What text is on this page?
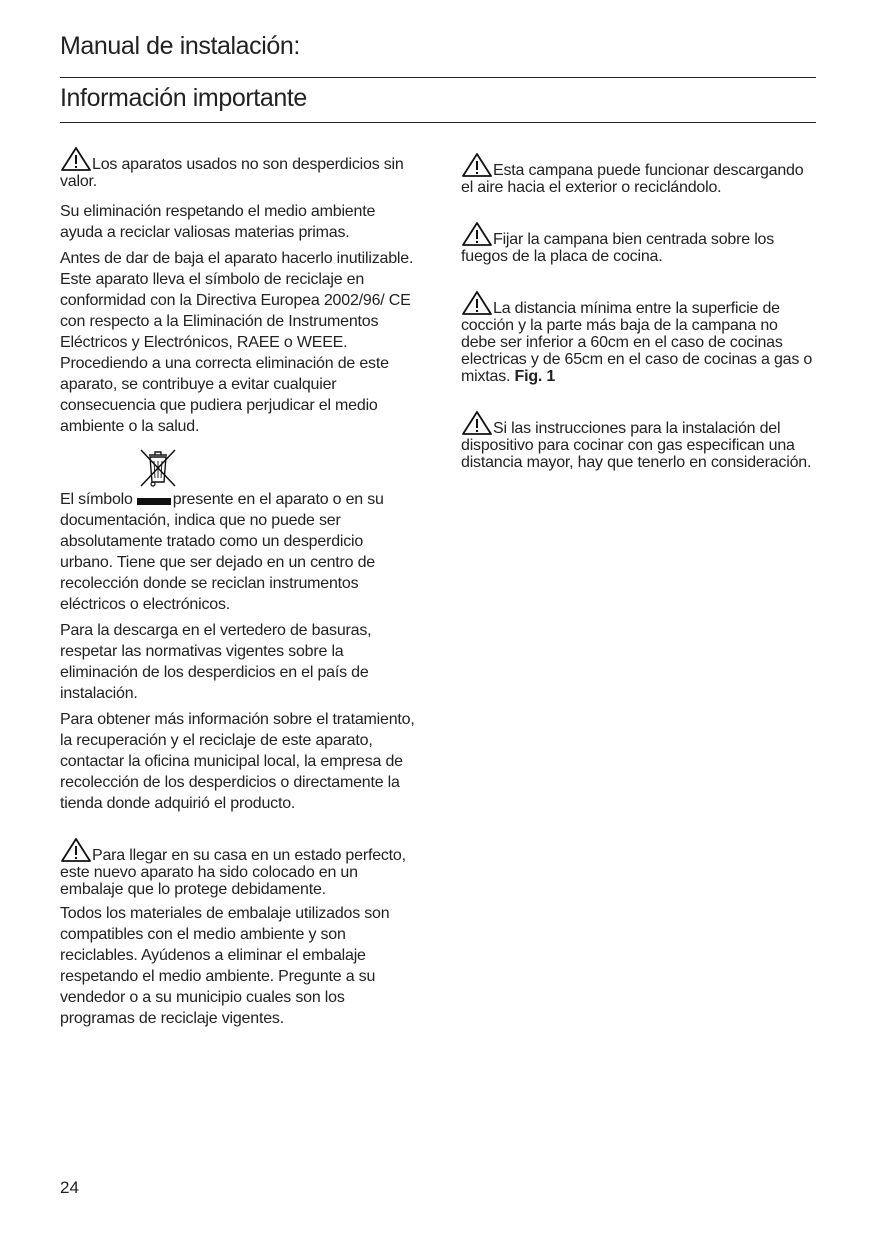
Manual de instalación:
Información importante

Los aparatos usados no son desperdicios sin valor.

Su eliminación respetando el medio ambiente ayuda a reciclar valiosas materias primas.

Antes de dar de baja el aparato hacerlo inutilizable.

Este aparato lleva el símbolo de reciclaje en conformidad con la Directiva Europea 2002/96/ CE con respecto a la Eliminación de Instrumentos Eléctricos y Electrónicos, RAEE o WEEE.

Procediendo a una correcta eliminación de este aparato, se contribuye a evitar cualquier consecuencia que pudiera perjudicar el medio ambiente o la salud.

El símbolo	presente en el aparato o en su documentación, indica que no puede ser absolutamente tratado como un desperdicio urbano. Tiene que ser dejado en un centro de recolección donde se reciclan instrumentos eléctricos o electrónicos.

Para la descarga en el vertedero de basuras, respetar las normativas vigentes sobre la eliminación de los desperdicios en el país de instalación.

Para obtener más información sobre el tratamiento, la recuperación y el reciclaje de este aparato, contactar la oficina municipal local, la empresa de recolección de los desperdicios o directamente la tienda donde adquirió el producto.

Para llegar en su casa en un estado perfecto, este nuevo aparato ha sido colocado en un embalaje que lo protege debidamente.

Todos los materiales de embalaje utilizados son compatibles con el medio ambiente y son reciclables. Ayúdenos a eliminar el embalaje respetando el medio ambiente. Pregunte a su vendedor o a su municipio cuales son los programas de reciclaje vigentes.

Esta campana puede funcionar descargando el aire hacia el exterior o reciclándolo.

Fijar la campana bien centrada sobre los fuegos de la placa de cocina.

La distancia mínima entre la superficie de cocción y la parte más baja de la campana no debe ser inferior a 60cm en el caso de cocinas electricas y de 65cm en el caso de cocinas a gas o mixtas. Fig. 1

Si las instrucciones para la instalación del dispositivo para cocinar con gas especifican una distancia mayor, hay que tenerlo en consideración.

24
